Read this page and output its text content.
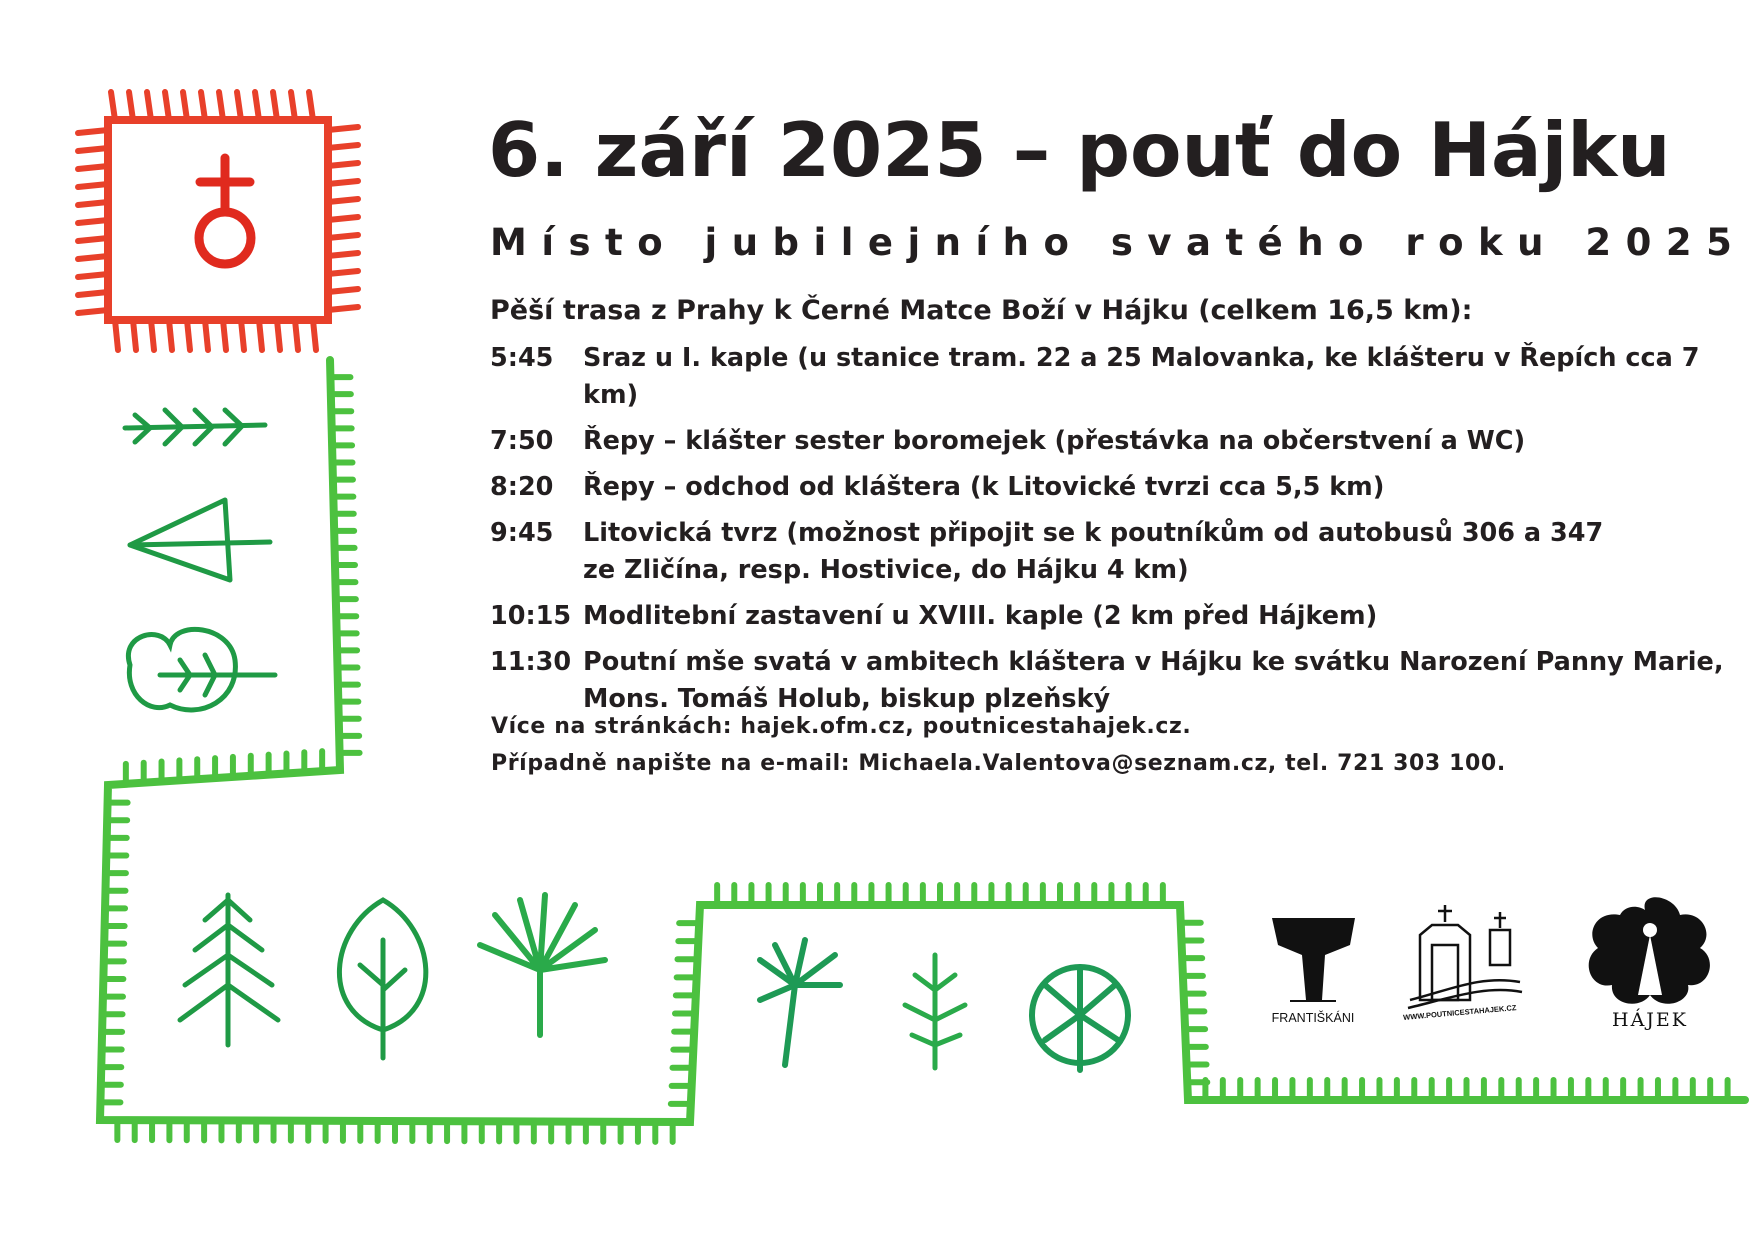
FRANTIŠKÁNI	WWW.POUTNICESTAHAJEK.CZ	HÁJEK
6. září 2025 – pouť do Hájku
Místo jubilejního svatého roku 2025
Pěší trasa z Prahy k Černé Matce Boží v Hájku (celkem 16,5 km):
5:45 Sraz u I. kaple (u stanice tram. 22 a 25 Malovanka, ke klášteru v Řepích cca 7 km)
7:50 Řepy – klášter sester boromejek (přestávka na občerstvení a WC)
8:20 Řepy – odchod od kláštera (k Litovické tvrzi cca 5,5 km)
9:45 Litovická tvrz (možnost připojit se k poutníkům od autobusů 306 a 347
ze Zličína, resp. Hostivice, do Hájku 4 km)
10:15 Modlitební zastavení u XVIII. kaple (2 km před Hájkem)
11:30 Poutní mše svatá v ambitech kláštera v Hájku ke svátku Narození Panny Marie,
Mons. Tomáš Holub, biskup plzeňský
Více na stránkách: hajek.ofm.cz, poutnicestahajek.cz.
Případně napište na e-mail: Michaela.Valentova@seznam.cz, tel. 721 303 100.
